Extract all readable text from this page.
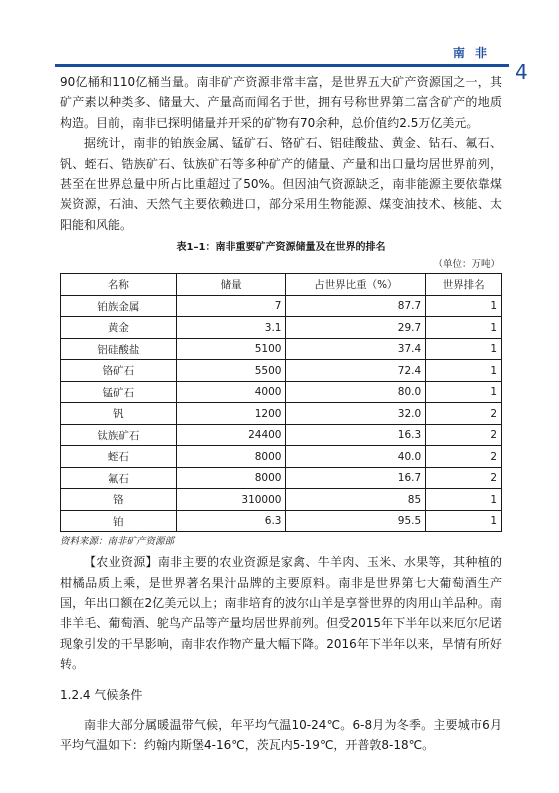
南 非
4

90亿桶和110亿桶当量。南非矿产资源非常丰富，是世界五大矿产资源国之一，其矿产素以种类多、储量大、产量高而闻名于世，拥有号称世界第二富含矿产的地质构造。目前，南非已探明储量并开采的矿物有70余种，总价值约2.5万亿美元。

据统计，南非的铂族金属、锰矿石、铬矿石、铝硅酸盐、黄金、钻石、氟石、钒、蛭石、锆族矿石、钛族矿石等多种矿产的储量、产量和出口量均居世界前列，甚至在世界总量中所占比重超过了50%。但因油气资源缺乏，南非能源主要依靠煤炭资源，石油、天然气主要依赖进口，部分采用生物能源、煤变油技术、核能、太阳能和风能。

表1–1：南非重要矿产资源储量及在世界的排名
（单位：万吨）
名称	储量	占世界比重（%）	世界排名
铂族金属	7	87.7	1
黄金	3.1	29.7	1
铝硅酸盐	5100	37.4	1
铬矿石	5500	72.4	1
锰矿石	4000	80.0	1
钒	1200	32.0	2
钛族矿石	24400	16.3	2
蛭石	8000	40.0	2
氟石	8000	16.7	2
铬	310000	85	1
铂	6.3	95.5	1
资料来源：南非矿产资源部

【农业资源】南非主要的农业资源是家禽、牛羊肉、玉米、水果等，其种植的柑橘品质上乘，是世界著名果汁品牌的主要原料。南非是世界第七大葡萄酒生产国，年出口额在2亿美元以上；南非培育的波尔山羊是享誉世界的肉用山羊品种。南非羊毛、葡萄酒、鸵鸟产品等产量均居世界前列。但受2015年下半年以来厄尔尼诺现象引发的干旱影响，南非农作物产量大幅下降。2016年下半年以来，旱情有所好转。

1.2.4 气候条件

南非大部分属暖温带气候，年平均气温10-24℃。6-8月为冬季。主要城市6月平均气温如下：约翰内斯堡4-16℃，茨瓦内5-19℃，开普敦8-18℃。
